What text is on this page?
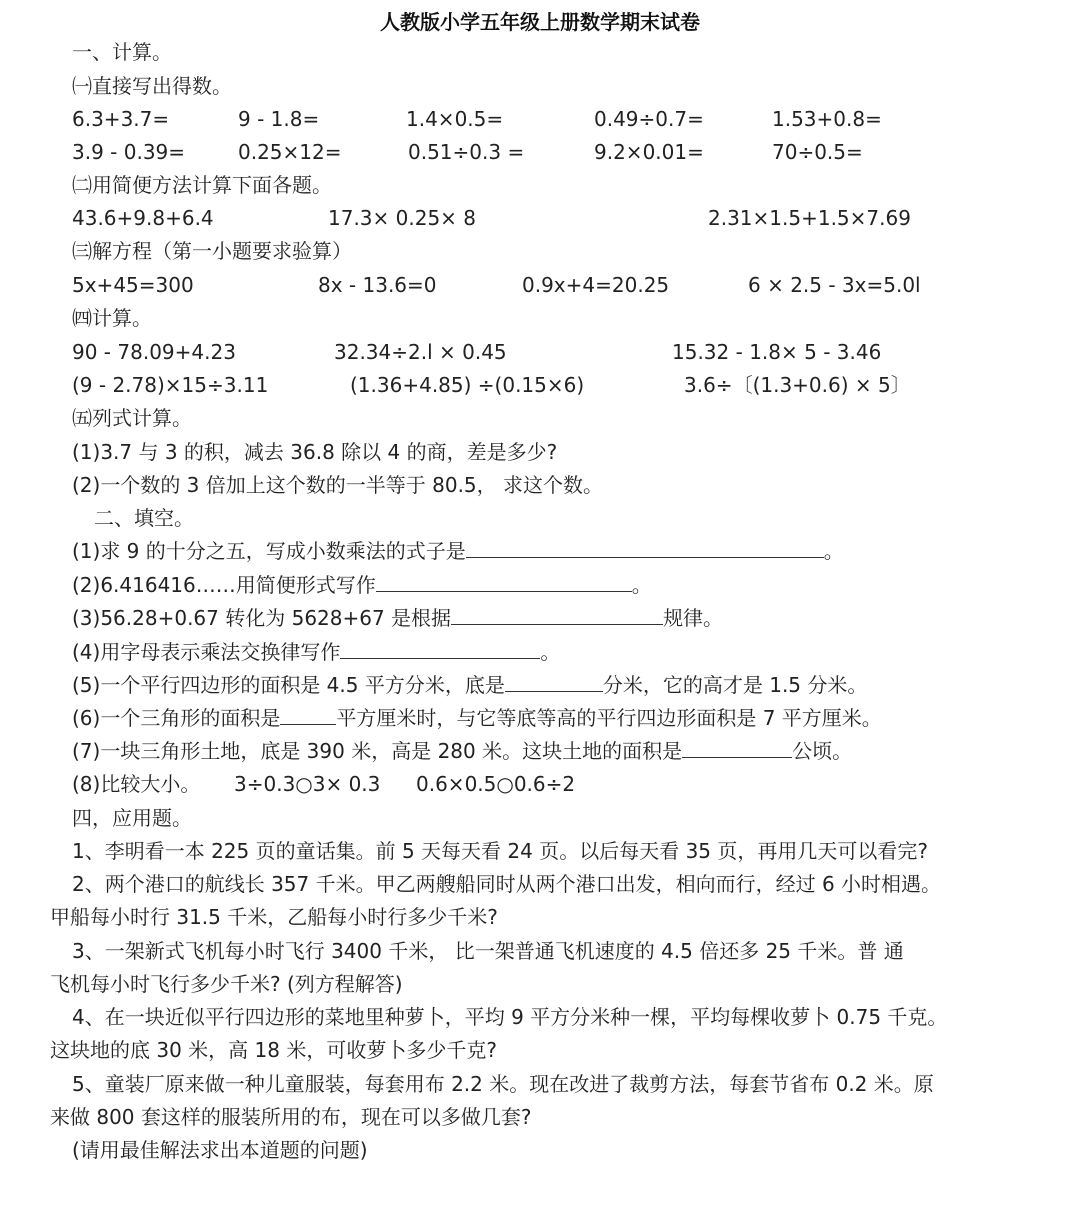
人教版小学五年级上册数学期末试卷
一、计算。
㈠直接写出得数。
6.3+3.7=	9 - 1.8=	1.4×0.5=	0.49÷0.7=	1.53+0.8=
3.9 - 0.39=	0.25×12=	0.51÷0.3 =	9.2×0.01=	70÷0.5=
㈡用简便方法计算下面各题。
43.6+9.8+6.4	17.3× 0.25× 8	2.31×1.5+1.5×7.69
㈢解方程（第一小题要求验算）
5x+45=300	8x - 13.6=0	0.9x+4=20.25	6 × 2.5 - 3x=5.0l
㈣计算。
90 - 78.09+4.23	32.34÷2.l × 0.45	15.32 - 1.8× 5 - 3.46
(9 - 2.78)×15÷3.11	(1.36+4.85) ÷(0.15×6)	3.6÷〔(1.3+0.6) × 5〕
㈤列式计算。
(1)3.7 与 3 的积，减去 36.8 除以 4 的商，差是多少?
(2)一个数的 3 倍加上这个数的一半等于 80.5， 求这个数。
二、填空。
(1)求 9 的十分之五，写成小数乘法的式子是	。
(2)6.416416……用简便形式写作	。
(3)56.28+0.67 转化为 5628+67 是根据	规律。
(4)用字母表示乘法交换律写作	。
(5)一个平行四边形的面积是 4.5 平方分米，底是	分米，它的高才是 1.5 分米。
(6)一个三角形的面积是	平方厘米时，与它等底等高的平行四边形面积是 7 平方厘米。
(7)一块三角形土地，底是 390 米，高是 280 米。这块土地的面积是	公顷。
(8)比较大小。 3÷0.3○3× 0.3 0.6×0.5○0.6÷2
四，应用题。
1、李明看一本 225 页的童话集。前 5 天每天看 24 页。以后每天看 35 页，再用几天可以看完?
2、两个港口的航线长 357 千米。甲乙两艘船同时从两个港口出发，相向而行，经过 6 小时相遇。
甲船每小时行 31.5 千米，乙船每小时行多少千米?
3、一架新式飞机每小时飞行 3400 千米， 比一架普通飞机速度的 4.5 倍还多 25 千米。普 通
飞机每小时飞行多少千米? (列方程解答)
4、在一块近似平行四边形的菜地里种萝卜，平均 9 平方分米种一棵，平均每棵收萝卜 0.75 千克。
这块地的底 30 米，高 18 米，可收萝卜多少千克?
5、童装厂原来做一种儿童服装，每套用布 2.2 米。现在改进了裁剪方法，每套节省布 0.2 米。原
来做 800 套这样的服装所用的布，现在可以多做几套?
(请用最佳解法求出本道题的问题)
